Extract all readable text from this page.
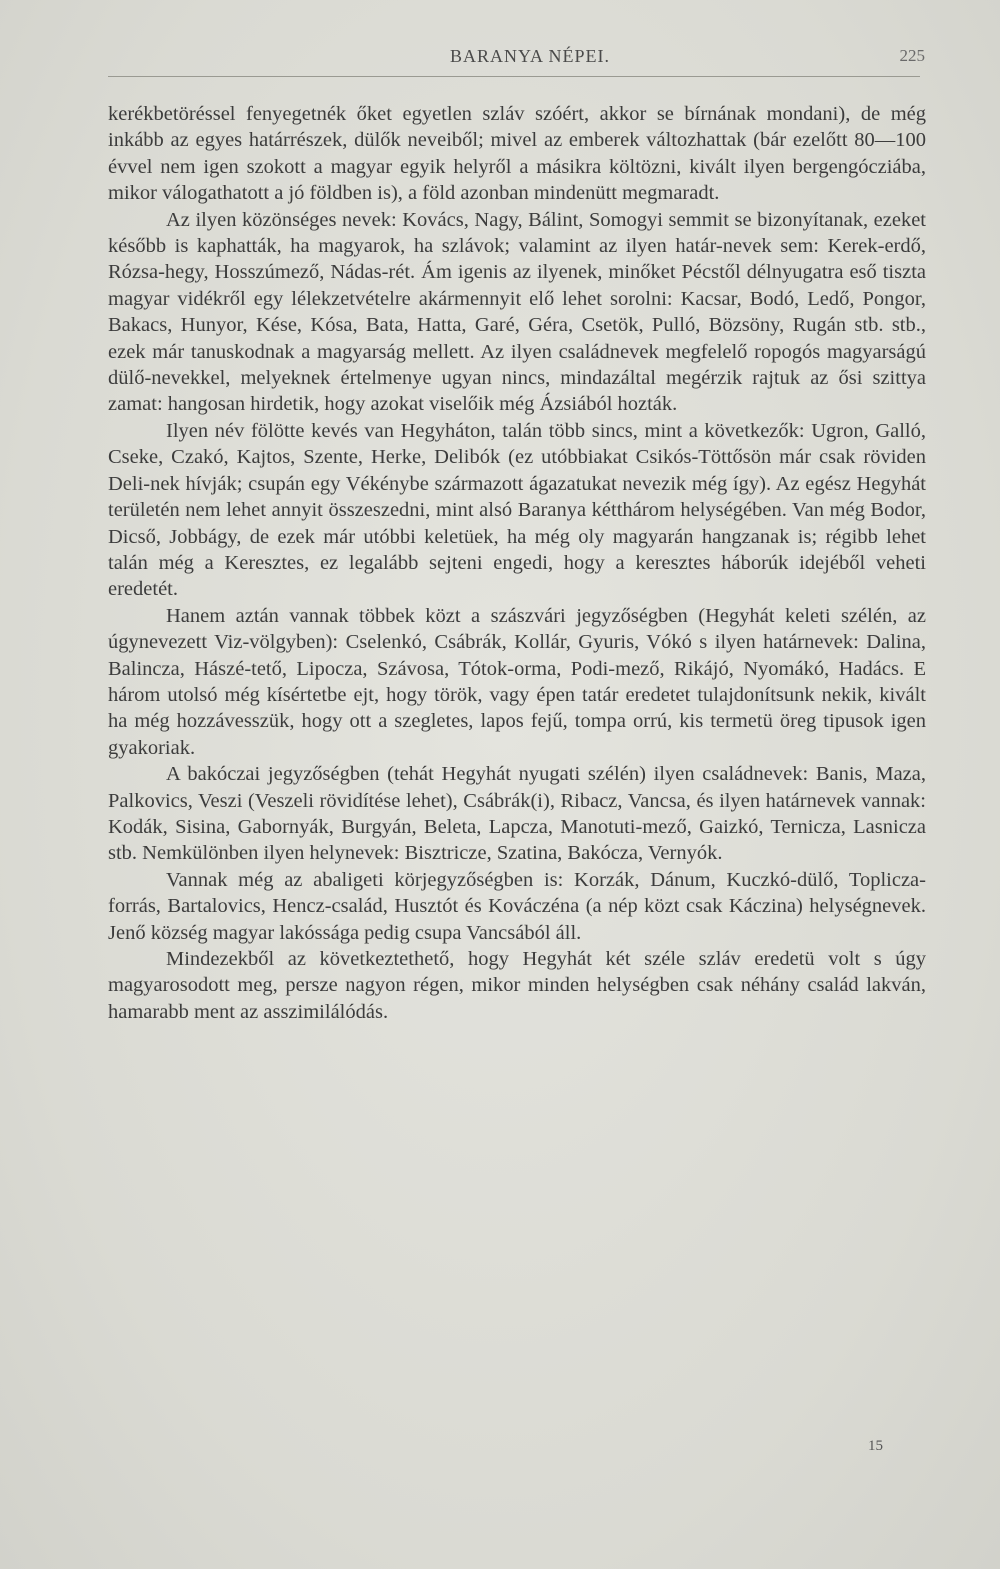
BARANYA NÉPEI.	225

kerékbetöréssel fenyegetnék őket egyetlen szláv szóért, akkor se bírnának mondani), de még inkább az egyes határrészek, dülők neveiből; mivel az emberek változhattak (bár ezelőtt 80—100 évvel nem igen szokott a magyar egyik helyről a másikra költözni, kivált ilyen bergengócziába, mikor válogathatott a jó földben is), a föld azonban mindenütt megmaradt.

Az ilyen közönséges nevek: Kovács, Nagy, Bálint, Somogyi semmit se bizonyítanak, ezeket később is kaphatták, ha magyarok, ha szlávok; valamint az ilyen határ-nevek sem: Kerek-erdő, Rózsa-hegy, Hosszúmező, Nádas-rét. Ám igenis az ilyenek, minőket Pécstől délnyugatra eső tiszta magyar vidékről egy lélekzetvételre akármennyit elő lehet sorolni: Kacsar, Bodó, Ledő, Pongor, Bakacs, Hunyor, Kése, Kósa, Bata, Hatta, Garé, Géra, Csetök, Pulló, Bözsöny, Rugán stb. stb., ezek már tanuskodnak a magyarság mellett. Az ilyen családnevek megfelelő ropogós magyarságú dülő-nevekkel, melyeknek értelmenye ugyan nincs, mindazáltal megérzik rajtuk az ősi szittya zamat: hangosan hirdetik, hogy azokat viselőik még Ázsiából hozták.

Ilyen név fölötte kevés van Hegyháton, talán több sincs, mint a következők: Ugron, Galló, Cseke, Czakó, Kajtos, Szente, Herke, Delibók (ez utóbbiakat Csikós-Töttősön már csak röviden Deli-nek hívják; csupán egy Vékénybe származott ágazatukat nevezik még így). Az egész Hegyhát területén nem lehet annyit összeszedni, mint alsó Baranya kétthárom helységében. Van még Bodor, Dicső, Jobbágy, de ezek már utóbbi keletüek, ha még oly magyarán hangzanak is; régibb lehet talán még a Keresztes, ez legalább sejteni engedi, hogy a keresztes háborúk idejéből veheti eredetét.

Hanem aztán vannak többek közt a szászvári jegyzőségben (Hegyhát keleti szélén, az úgynevezett Viz-völgyben): Cselenkó, Csábrák, Kollár, Gyuris, Vókó s ilyen határnevek: Dalina, Balincza, Hászé-tető, Lipocza, Szávosa, Tótok-orma, Podi-mező, Rikájó, Nyomákó, Hadács. E három utolsó még kísértetbe ejt, hogy török, vagy épen tatár eredetet tulajdonítsunk nekik, kivált ha még hozzávesszük, hogy ott a szegletes, lapos fejű, tompa orrú, kis termetü öreg tipusok igen gyakoriak.

A bakóczai jegyzőségben (tehát Hegyhát nyugati szélén) ilyen családnevek: Banis, Maza, Palkovics, Veszi (Veszeli rövidítése lehet), Csábrák(i), Ribacz, Vancsa, és ilyen határnevek vannak: Kodák, Sisina, Gabornyák, Burgyán, Beleta, Lapcza, Manotuti-mező, Gaizkó, Ternicza, Lasnicza stb. Nemkülönben ilyen helynevek: Bisztricze, Szatina, Bakócza, Vernyók.

Vannak még az abaligeti körjegyzőségben is: Korzák, Dánum, Kuczkó-dülő, Toplicza-forrás, Bartalovics, Hencz-család, Husztót és Kováczéna (a nép közt csak Káczina) helységnevek. Jenő község magyar lakóssága pedig csupa Vancsából áll.

Mindezekből az következtethető, hogy Hegyhát két széle szláv eredetü volt s úgy magyarosodott meg, persze nagyon régen, mikor minden helységben csak néhány család lakván, hamarabb ment az asszimilálódás.

15
